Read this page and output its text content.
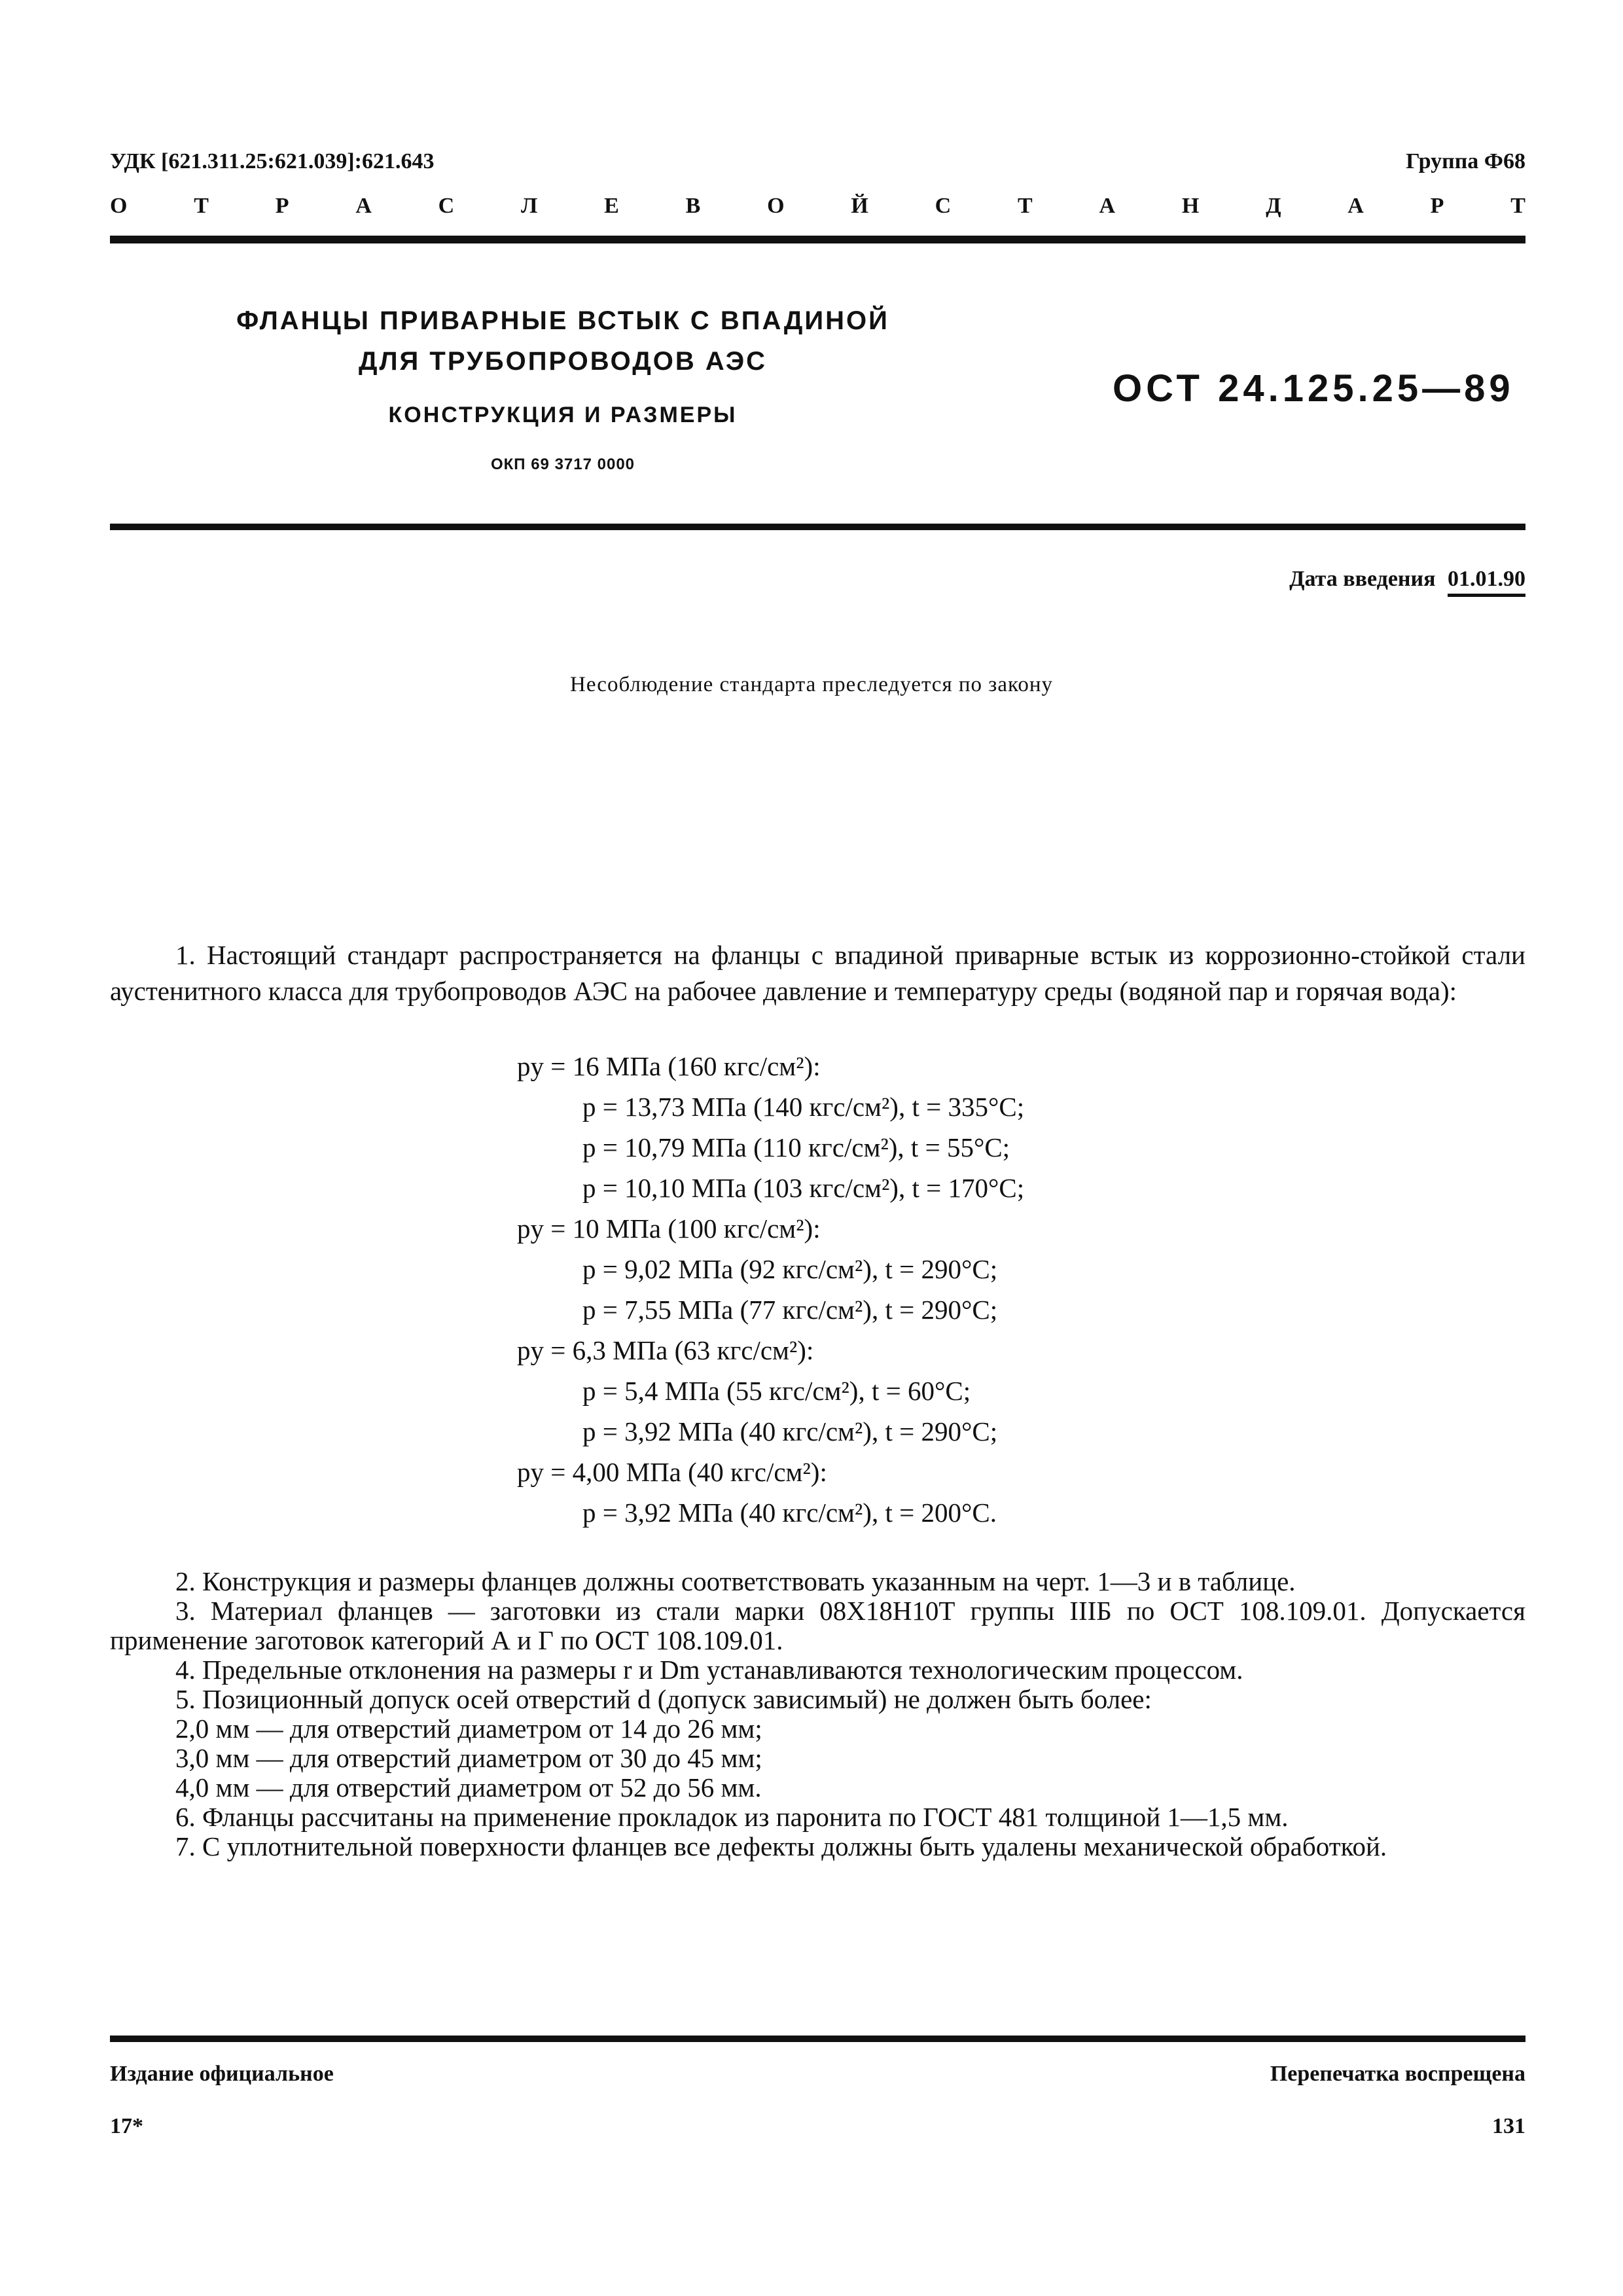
УДК [621.311.25:621.039]:621.643	Группа Ф68
О	Т	Р	А	С	Л	Е	В	О	Й	С	Т	А	Н	Д	А	Р	Т
ФЛАНЦЫ ПРИВАРНЫЕ ВСТЫК С ВПАДИНОЙ
ДЛЯ ТРУБОПРОВОДОВ АЭС
КОНСТРУКЦИЯ И РАЗМЕРЫ
ОКП 69 3717 0000
ОСТ 24.125.25—89
Дата введения 01.01.90
Несоблюдение стандарта преследуется по закону

1. Настоящий стандарт распространяется на фланцы с впадиной приварные встык из коррозионно-стойкой стали аустенитного класса для трубопроводов АЭС на рабочее давление и температуру среды (водяной пар и горячая вода):

pу = 16 МПа (160 кгс/см²):
p = 13,73 МПа (140 кгс/см²), t = 335°С;
p = 10,79 МПа (110 кгс/см²), t = 55°С;
p = 10,10 МПа (103 кгс/см²), t = 170°С;
pу = 10 МПа (100 кгс/см²):
p = 9,02 МПа (92 кгс/см²), t = 290°С;
p = 7,55 МПа (77 кгс/см²), t = 290°С;
pу = 6,3 МПа (63 кгс/см²):
p = 5,4 МПа (55 кгс/см²), t = 60°С;
p = 3,92 МПа (40 кгс/см²), t = 290°С;
pу = 4,00 МПа (40 кгс/см²):
p = 3,92 МПа (40 кгс/см²), t = 200°С.

2. Конструкция и размеры фланцев должны соответствовать указанным на черт. 1—3 и в таблице.

3. Материал фланцев — заготовки из стали марки 08Х18Н10Т группы IIIБ по ОСТ 108.109.01. Допускается применение заготовок категорий А и Г по ОСТ 108.109.01.

4. Предельные отклонения на размеры r и Dm устанавливаются технологическим процессом.

5. Позиционный допуск осей отверстий d (допуск зависимый) не должен быть более:

2,0 мм — для отверстий диаметром от 14 до 26 мм;

3,0 мм — для отверстий диаметром от 30 до 45 мм;

4,0 мм — для отверстий диаметром от 52 до 56 мм.

6. Фланцы рассчитаны на применение прокладок из паронита по ГОСТ 481 толщиной 1—1,5 мм.

7. С уплотнительной поверхности фланцев все дефекты должны быть удалены механической обработкой.

Издание официальное	Перепечатка воспрещена
17*	131
